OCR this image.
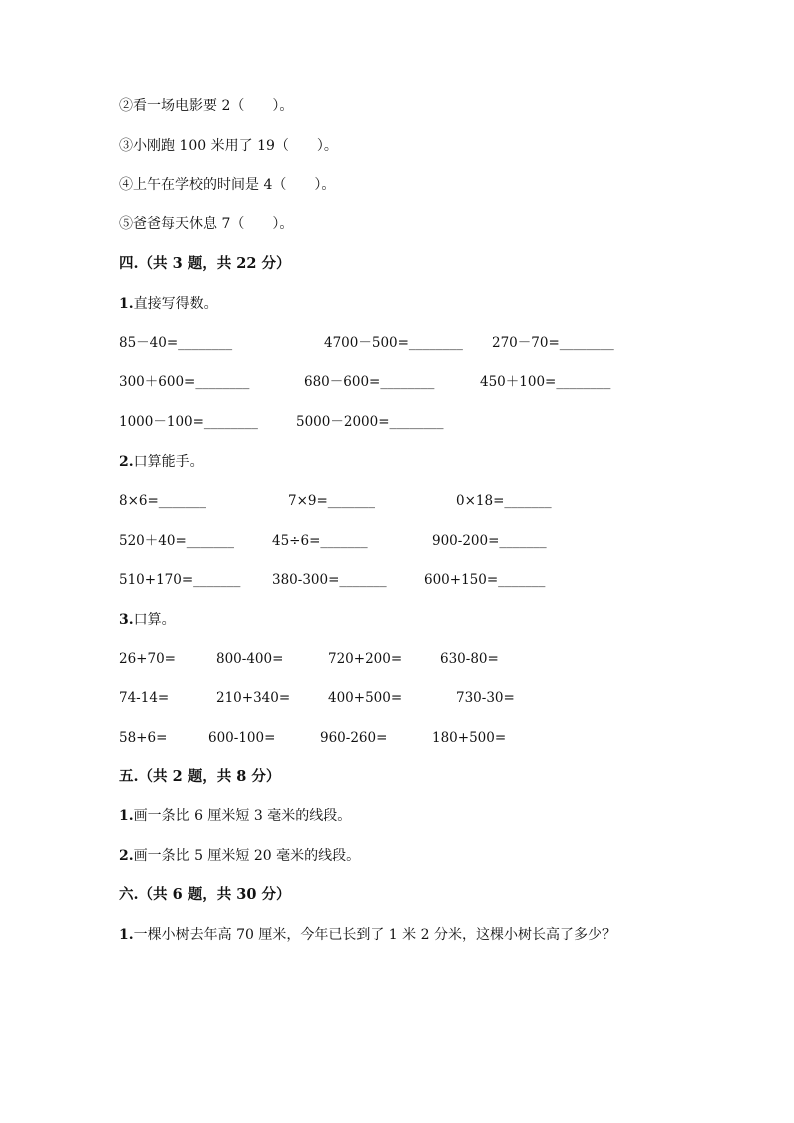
②看一场电影要 2（　　）。
③小刚跑 100 米用了 19（　　）。
④上午在学校的时间是 4（　　）。
⑤爸爸每天休息 7（　　）。
四.（共 3 题，共 22 分）
1.直接写得数。
85－40=________	4700－500=________ 270－70=________
300＋600=________	680－600=________	450＋100=________
1000－100=________	5000－2000=________
2.口算能手。
8×6=_______	7×9=_______	0×18=_______
520＋40=_______	45÷6=_______	900-200=_______
510+170=_______ 380-300=_______	600+150=_______
3.口算。
26+70=	800-400=	720+200=	630-80=
74-14=	210+340=	400+500=	730-30=
58+6=	600-100=	960-260=	180+500=
五.（共 2 题，共 8 分）
1.画一条比 6 厘米短 3 毫米的线段。
2.画一条比 5 厘米短 20 毫米的线段。
六.（共 6 题，共 30 分）
1.一棵小树去年高 70 厘米，今年已长到了 1 米 2 分米，这棵小树长高了多少？
